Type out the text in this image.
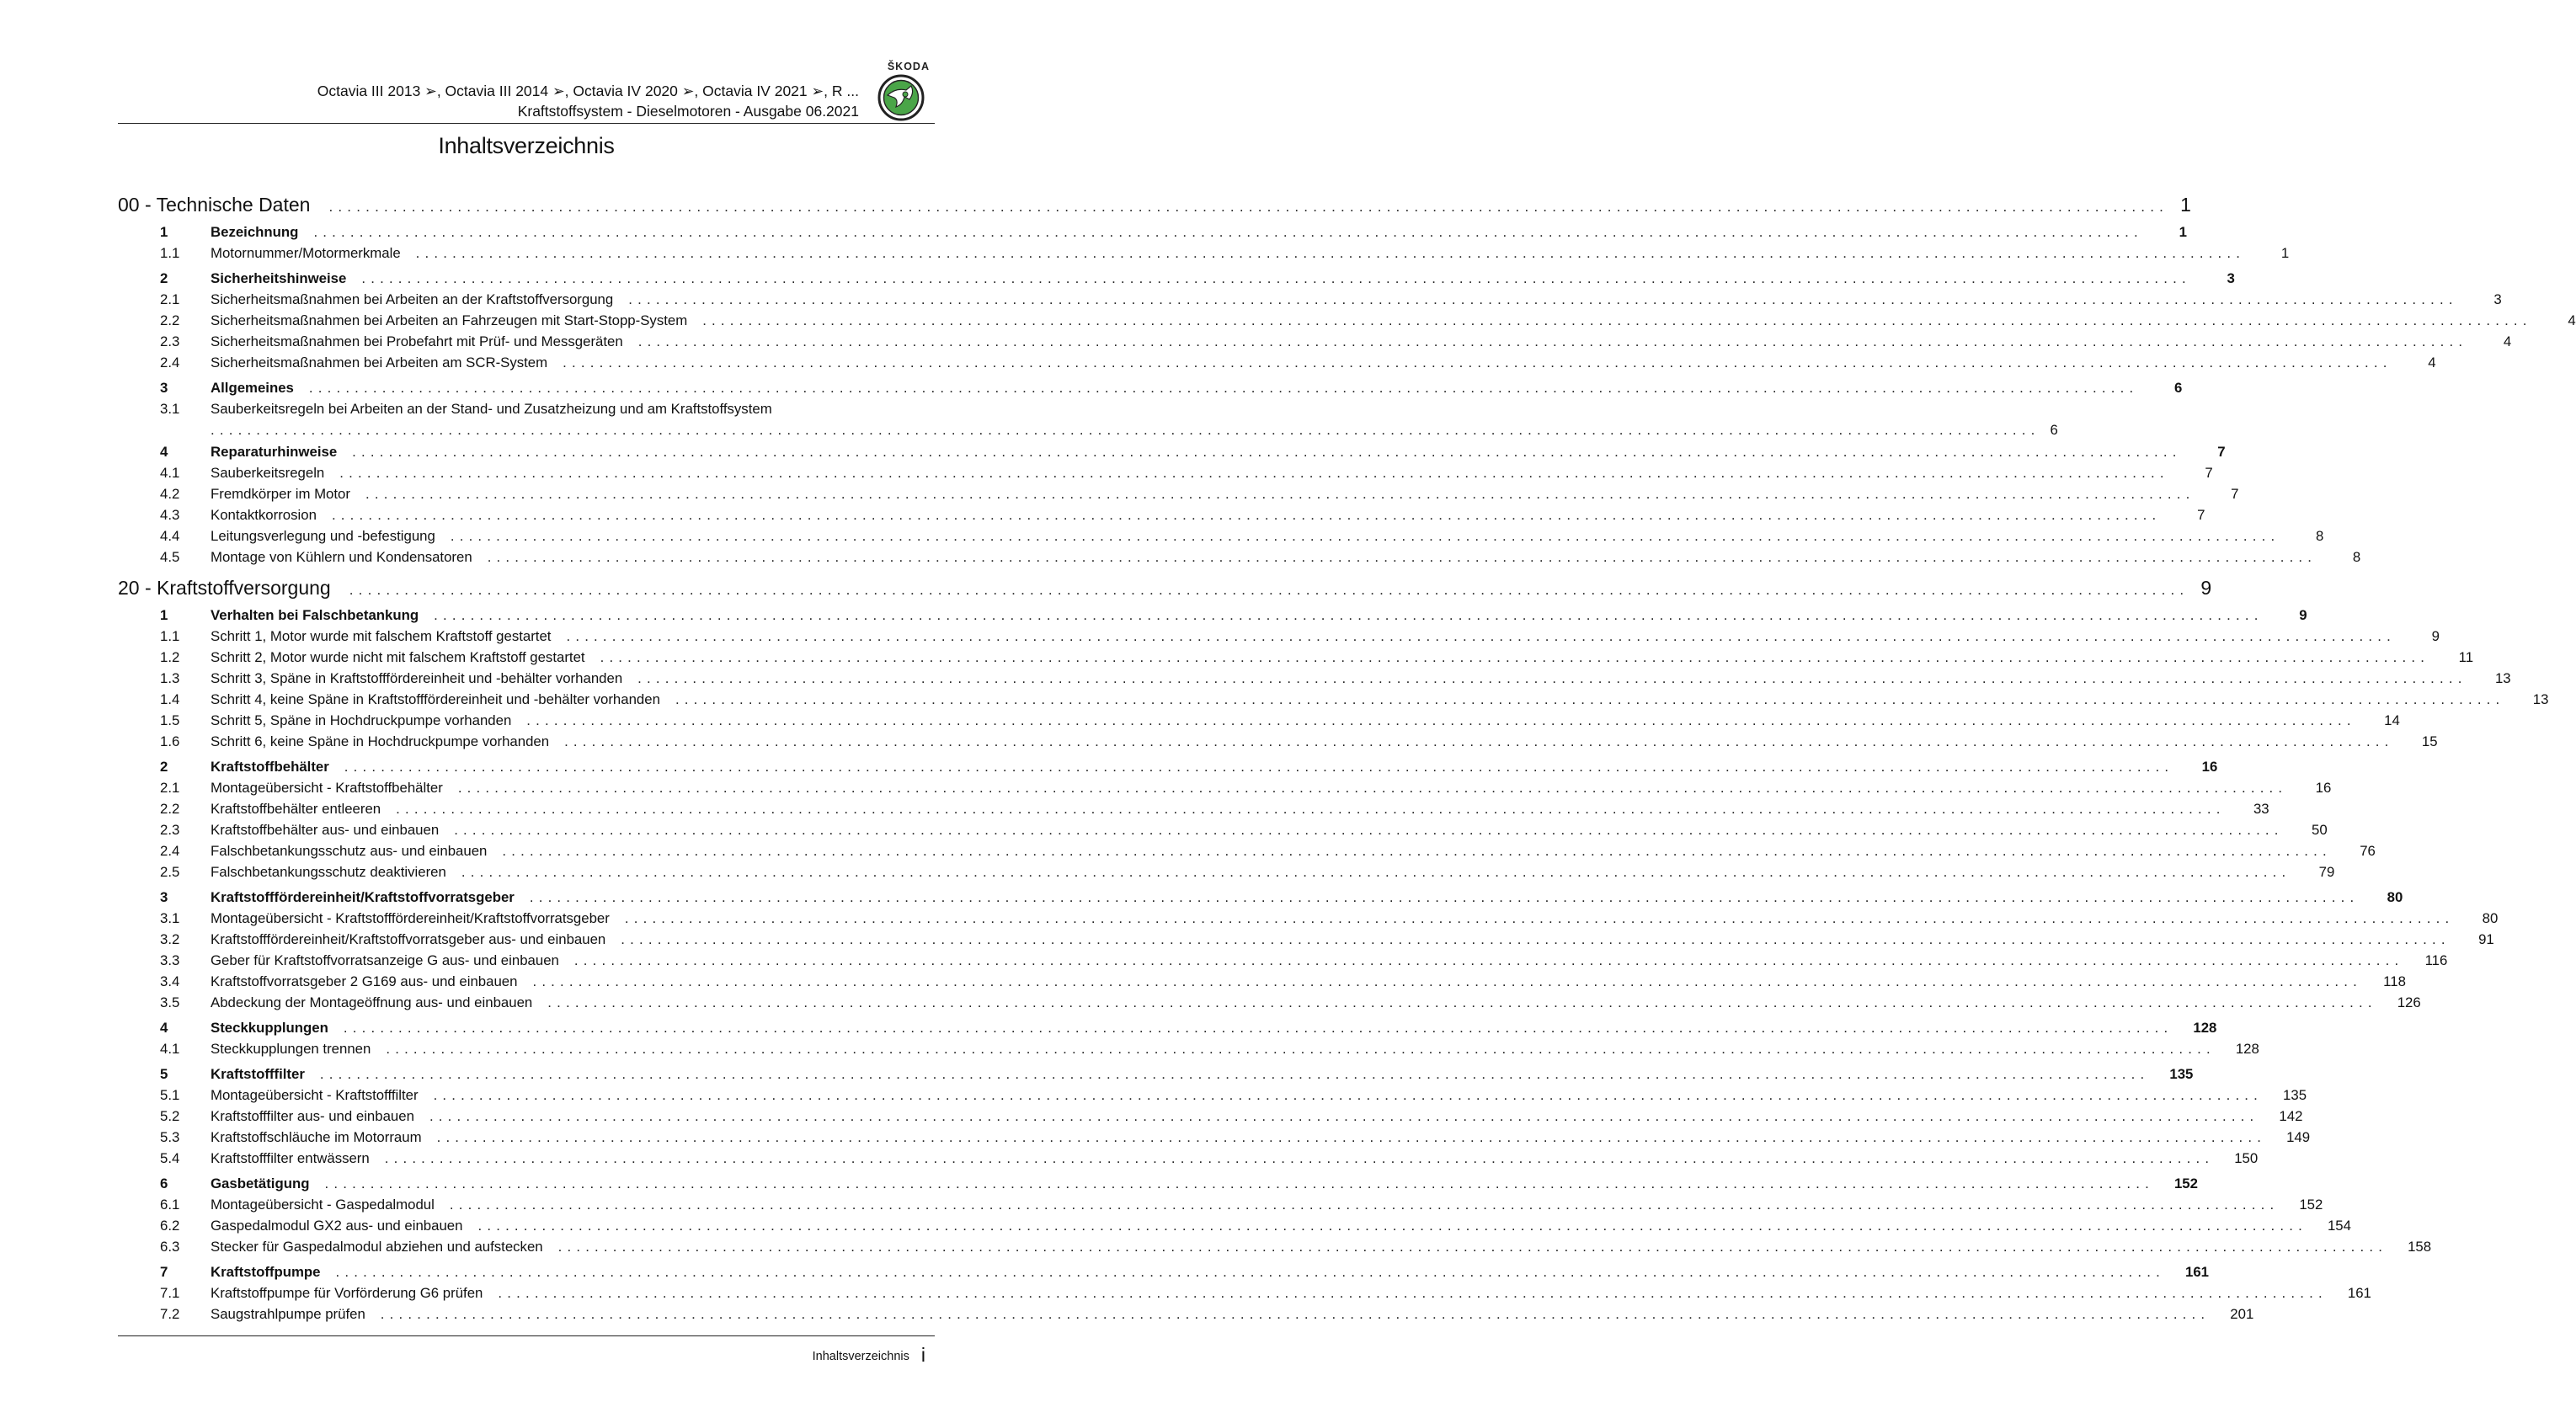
Octavia III 2013 ➢, Octavia III 2014 ➢, Octavia IV 2020 ➢, Octavia IV 2021 ➢, R ...
Kraftstoffsystem - Dieselmotoren - Ausgabe 06.2021
ŠKODA
Inhaltsverzeichnis
00 - Technische Daten ........................................................................................................................................................................................................ 1
1	Bezeichnung ........................................................................................................................................................................................................	1
1.1	Motornummer/Motormerkmale ........................................................................................................................................................................................................	1
2	Sicherheitshinweise ........................................................................................................................................................................................................	3
2.1	Sicherheitsmaßnahmen bei Arbeiten an der Kraftstoffversorgung ........................................................................................................................................................................................................	3
2.2	Sicherheitsmaßnahmen bei Arbeiten an Fahrzeugen mit Start-Stopp-System ........................................................................................................................................................................................................	4
2.3	Sicherheitsmaßnahmen bei Probefahrt mit Prüf- und Messgeräten ........................................................................................................................................................................................................	4
2.4	Sicherheitsmaßnahmen bei Arbeiten am SCR-System ........................................................................................................................................................................................................	4
3	Allgemeines ........................................................................................................................................................................................................	6
3.1	Sauberkeitsregeln bei Arbeiten an der Stand- und Zusatzheizung und am Kraftstoffsystem
........................................................................................................................................................................................................ 6
4	Reparaturhinweise ........................................................................................................................................................................................................	7
4.1	Sauberkeitsregeln ........................................................................................................................................................................................................	7
4.2	Fremdkörper im Motor ........................................................................................................................................................................................................	7
4.3	Kontaktkorrosion ........................................................................................................................................................................................................	7
4.4	Leitungsverlegung und -befestigung ........................................................................................................................................................................................................	8
4.5	Montage von Kühlern und Kondensatoren ........................................................................................................................................................................................................	8
20 - Kraftstoffversorgung ........................................................................................................................................................................................................ 9
1	Verhalten bei Falschbetankung ........................................................................................................................................................................................................	9
1.1	Schritt 1, Motor wurde mit falschem Kraftstoff gestartet ........................................................................................................................................................................................................	9
1.2	Schritt 2, Motor wurde nicht mit falschem Kraftstoff gestartet ........................................................................................................................................................................................................	11
1.3	Schritt 3, Späne in Kraftstofffördereinheit und -behälter vorhanden ........................................................................................................................................................................................................	13
1.4	Schritt 4, keine Späne in Kraftstofffördereinheit und -behälter vorhanden ........................................................................................................................................................................................................	13
1.5	Schritt 5, Späne in Hochdruckpumpe vorhanden ........................................................................................................................................................................................................	14
1.6	Schritt 6, keine Späne in Hochdruckpumpe vorhanden ........................................................................................................................................................................................................	15
2	Kraftstoffbehälter ........................................................................................................................................................................................................	16
2.1	Montageübersicht - Kraftstoffbehälter ........................................................................................................................................................................................................	16
2.2	Kraftstoffbehälter entleeren ........................................................................................................................................................................................................	33
2.3	Kraftstoffbehälter aus- und einbauen ........................................................................................................................................................................................................	50
2.4	Falschbetankungsschutz aus- und einbauen ........................................................................................................................................................................................................	76
2.5	Falschbetankungsschutz deaktivieren ........................................................................................................................................................................................................	79
3	Kraftstofffördereinheit/Kraftstoffvorratsgeber ........................................................................................................................................................................................................	80
3.1	Montageübersicht - Kraftstofffördereinheit/Kraftstoffvorratsgeber ........................................................................................................................................................................................................	80
3.2	Kraftstofffördereinheit/Kraftstoffvorratsgeber aus- und einbauen ........................................................................................................................................................................................................	91
3.3	Geber für Kraftstoffvorratsanzeige G aus- und einbauen ........................................................................................................................................................................................................	116
3.4	Kraftstoffvorratsgeber 2 G169 aus- und einbauen ........................................................................................................................................................................................................	118
3.5	Abdeckung der Montageöffnung aus- und einbauen ........................................................................................................................................................................................................	126
4	Steckkupplungen ........................................................................................................................................................................................................	128
4.1	Steckkupplungen trennen ........................................................................................................................................................................................................	128
5	Kraftstofffilter ........................................................................................................................................................................................................	135
5.1	Montageübersicht - Kraftstofffilter ........................................................................................................................................................................................................	135
5.2	Kraftstofffilter aus- und einbauen ........................................................................................................................................................................................................	142
5.3	Kraftstoffschläuche im Motorraum ........................................................................................................................................................................................................	149
5.4	Kraftstofffilter entwässern ........................................................................................................................................................................................................	150
6	Gasbetätigung ........................................................................................................................................................................................................	152
6.1	Montageübersicht - Gaspedalmodul ........................................................................................................................................................................................................	152
6.2	Gaspedalmodul GX2 aus- und einbauen ........................................................................................................................................................................................................	154
6.3	Stecker für Gaspedalmodul abziehen und aufstecken ........................................................................................................................................................................................................	158
7	Kraftstoffpumpe ........................................................................................................................................................................................................	161
7.1	Kraftstoffpumpe für Vorförderung G6 prüfen ........................................................................................................................................................................................................	161
7.2	Saugstrahlpumpe prüfen ........................................................................................................................................................................................................	201
Inhaltsverzeichnis i
